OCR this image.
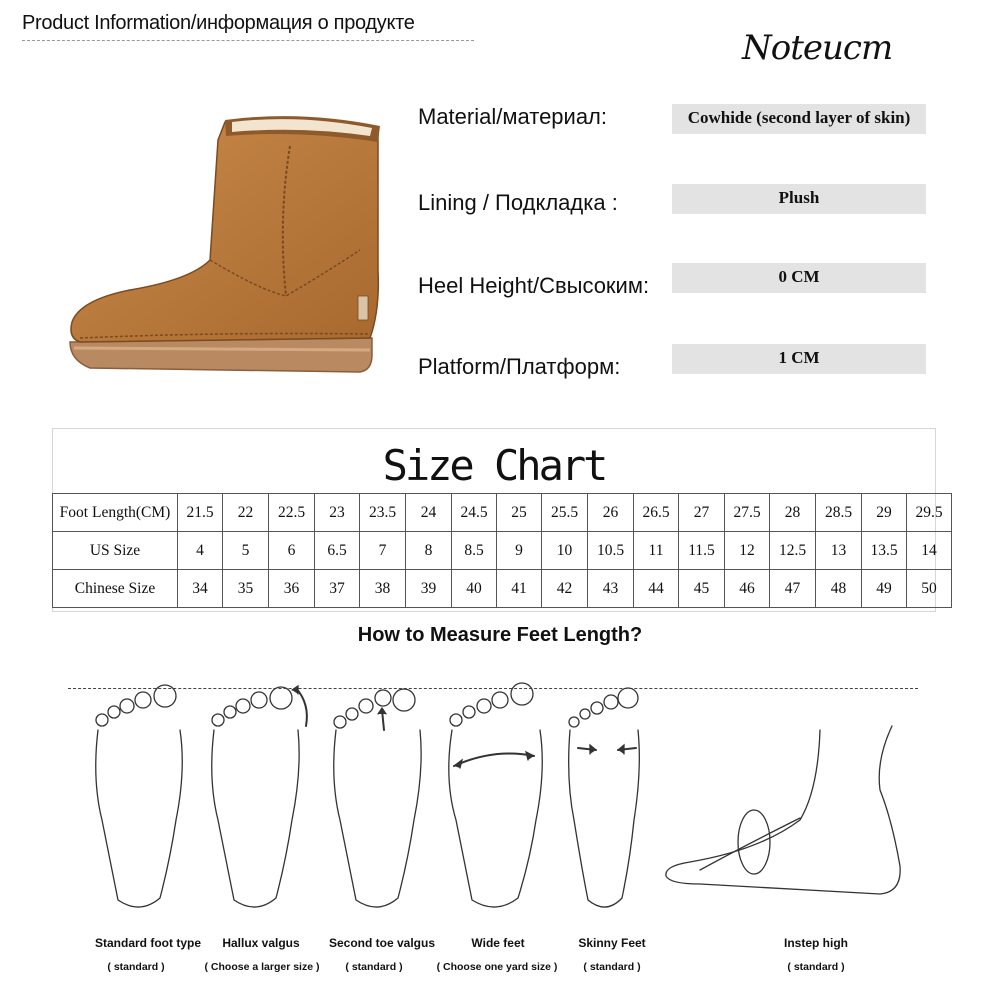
Product Information/информация о продукте
Noteucm
Material/материал:	Cowhide (second layer of skin)
Lining / Подкладка :	Plush
Heel Height/Свысоким:	0 CM
Platform/Платформ:	1 CM
Size Chart
Foot Length(CM)	21.5	22	22.5	23	23.5	24	24.5	25	25.5	26	26.5	27	27.5	28	28.5	29	29.5
US Size	4	5	6	6.5	7	8	8.5	9	10	10.5	11	11.5	12	12.5	13	13.5	14
Chinese Size	34	35	36	37	38	39	40	41	42	43	44	45	46	47	48	49	50
How to Measure Feet Length?
Standard foot type
( standard )
Hallux valgus
( Choose a larger size )
Second toe valgus
( standard )
Wide feet
( Choose one yard size )
Skinny Feet
( standard )
Instep high
( standard )
